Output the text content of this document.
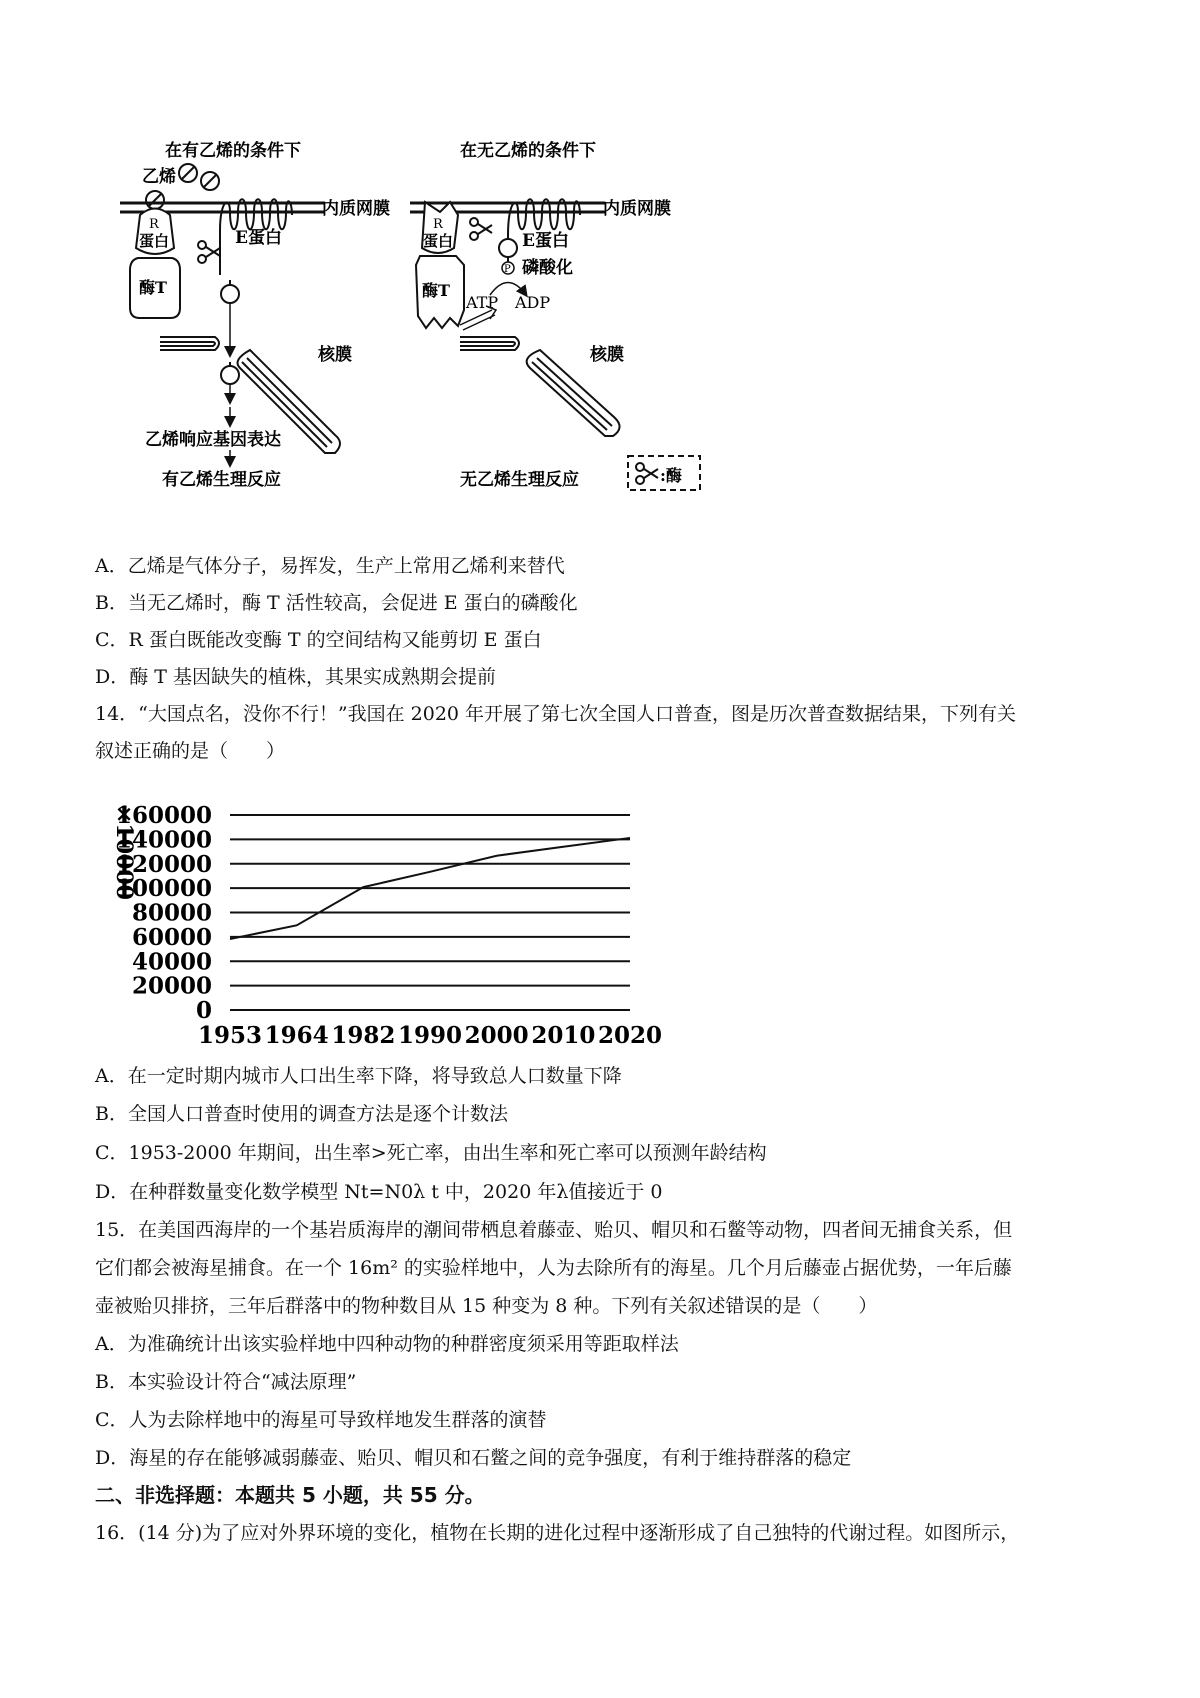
在有乙烯的条件下	在无乙烯的条件下
乙烯
内质网膜
R
蛋白
酶T
E蛋白
核膜
乙烯响应基因表达
有乙烯生理反应
内质网膜
R
蛋白
酶T
E蛋白
P 磷酸化
ATP ADP
核膜
无乙烯生理反应	:酶
A．乙烯是气体分子，易挥发，生产上常用乙烯利来替代
B．当无乙烯时，酶 T 活性较高，会促进 E 蛋白的磷酸化
C．R 蛋白既能改变酶 T 的空间结构又能剪切 E 蛋白
D．酶 T 基因缺失的植株，其果实成熟期会提前
14．“大国点名，没你不行！”我国在 2020 年开展了第七次全国人口普查，图是历次普查数据结果，下列有关
叙述正确的是（　　）
160000
140000
120000
100000
80000
60000
40000
20000
0
1953 1964 1982 1990 2000 2010 2020
×10000
A．在一定时期内城市人口出生率下降，将导致总人口数量下降
B．全国人口普查时使用的调查方法是逐个计数法
C．1953-2000 年期间，出生率>死亡率，由出生率和死亡率可以预测年龄结构
D．在种群数量变化数学模型 Nt=N0λ t 中，2020 年λ值接近于 0
15．在美国西海岸的一个基岩质海岸的潮间带栖息着藤壶、贻贝、帽贝和石鳖等动物，四者间无捕食关系，但
它们都会被海星捕食。在一个 16m² 的实验样地中，人为去除所有的海星。几个月后藤壶占据优势，一年后藤
壶被贻贝排挤，三年后群落中的物种数目从 15 种变为 8 种。下列有关叙述错误的是（　　）
A．为准确统计出该实验样地中四种动物的种群密度须采用等距取样法
B．本实验设计符合“减法原理”
C．人为去除样地中的海星可导致样地发生群落的演替
D．海星的存在能够减弱藤壶、贻贝、帽贝和石鳖之间的竞争强度，有利于维持群落的稳定
二、非选择题：本题共 5 小题，共 55 分。
16．(14 分)为了应对外界环境的变化，植物在长期的进化过程中逐渐形成了自己独特的代谢过程。如图所示，
